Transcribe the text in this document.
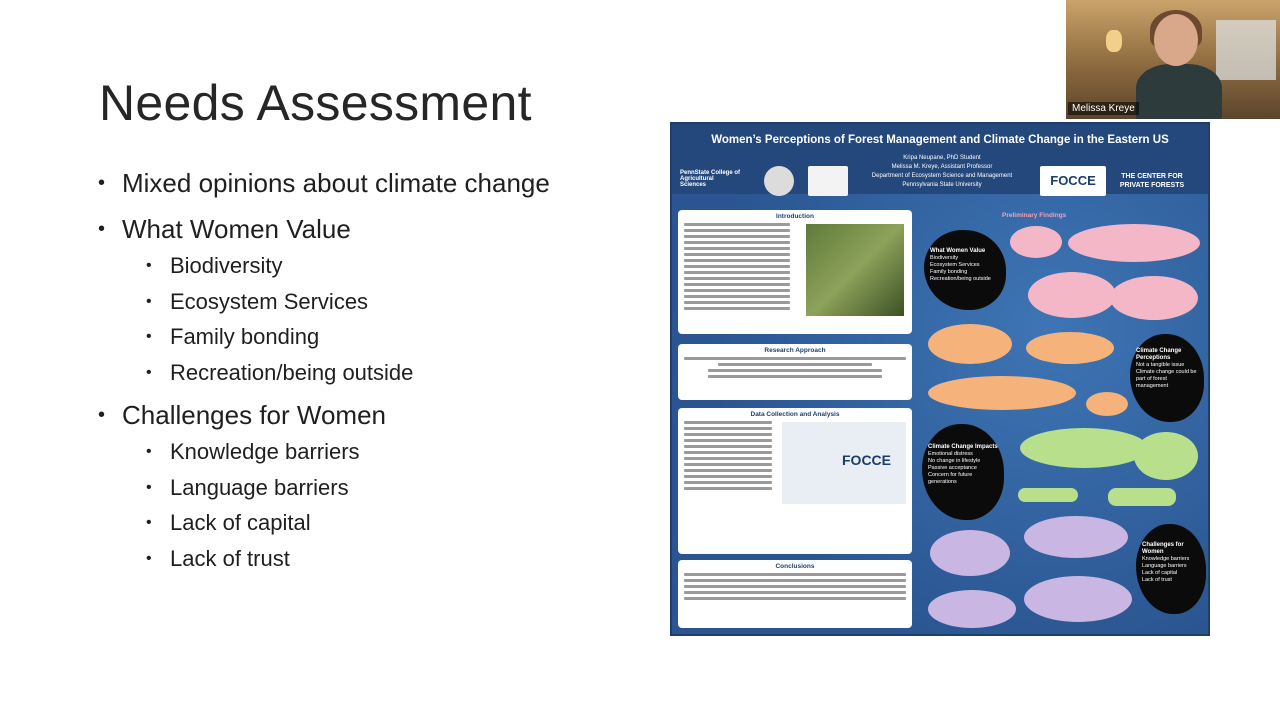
Needs Assessment
• Mixed opinions about climate change
• What Women Value
• Biodiversity
• Ecosystem Services
• Family bonding
• Recreation/being outside
• Challenges for Women
• Knowledge barriers
• Language barriers
• Lack of capital
• Lack of trust
Women’s Perceptions of Forest Management and Climate Change in the Eastern US
Kripa Neupane, PhD Student
Melissa M. Kreye, Assistant Professor
Department of Ecosystem Science and Management
Pennsylvania State University
PennState College of Agricultural Sciences	FOCCE	THE CENTER FOR PRIVATE FORESTS
Introduction
Research Approach
Data Collection and Analysis
FOCCE
Conclusions
Preliminary Findings
What Women Value
Biodiversity
Ecosystem Services
Family bonding
Recreation/being outside
Climate Change Perceptions
Not a tangible issue
Climate change could be part of forest management
Climate Change Impacts
Emotional distress
No change in lifestyle
Passive acceptance
Concern for future generations
Challenges for Women
Knowledge barriers
Language barriers
Lack of capital
Lack of trust
Melissa Kreye
